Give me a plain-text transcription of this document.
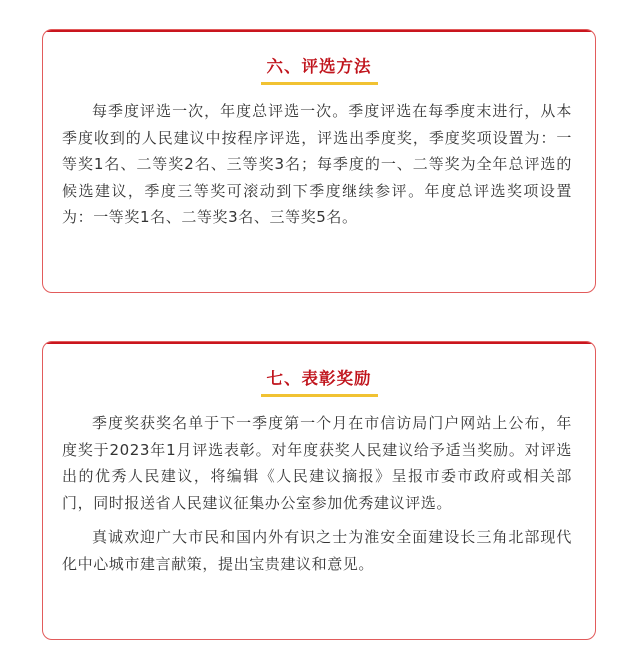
六、评选方法

每季度评选一次，年度总评选一次。季度评选在每季度末进行，从本季度收到的人民建议中按程序评选，评选出季度奖，季度奖项设置为：一等奖1名、二等奖2名、三等奖3名；每季度的一、二等奖为全年总评选的候选建议，季度三等奖可滚动到下季度继续参评。年度总评选奖项设置为：一等奖1名、二等奖3名、三等奖5名。

七、表彰奖励

季度奖获奖名单于下一季度第一个月在市信访局门户网站上公布，年度奖于2023年1月评选表彰。对年度获奖人民建议给予适当奖励。对评选出的优秀人民建议，将编辑《人民建议摘报》呈报市委市政府或相关部门，同时报送省人民建议征集办公室参加优秀建议评选。

真诚欢迎广大市民和国内外有识之士为淮安全面建设长三角北部现代化中心城市建言献策，提出宝贵建议和意见。
